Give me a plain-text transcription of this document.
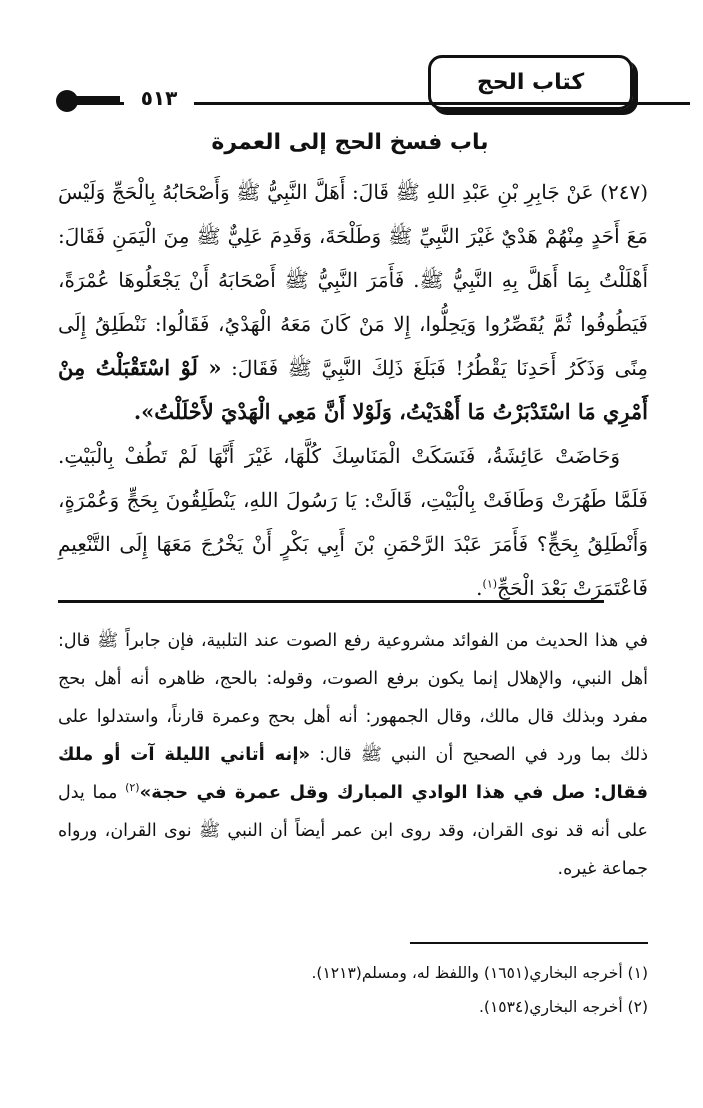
كتاب الحج
٥١٣
باب فسخ الحج إلى العمرة

(٢٤٧) عَنْ جَابِرِ بْنِ عَبْدِ اللهِ ﷺ قَالَ: أَهَلَّ النَّبِيُّ ﷺ وَأَصْحَابُهُ بِالْحَجِّ وَلَيْسَ مَعَ أَحَدٍ مِنْهُمْ هَدْيٌ غَيْرَ النَّبِيِّ ﷺ وَطَلْحَةَ، وَقَدِمَ عَلِيٌّ ﷺ مِنَ الْيَمَنِ فَقَالَ: أَهْلَلْتُ بِمَا أَهَلَّ بِهِ النَّبِيُّ ﷺ. فَأَمَرَ النَّبِيُّ ﷺ أَصْحَابَهُ أَنْ يَجْعَلُوهَا عُمْرَةً، فَيَطُوفُوا ثُمَّ يُقَصِّرُوا وَيَحِلُّوا، إِلا مَنْ كَانَ مَعَهُ الْهَدْيُ، فَقَالُوا: نَنْطَلِقُ إِلَى مِنًى وَذَكَرُ أَحَدِنَا يَقْطُرُ! فَبَلَغَ ذَلِكَ النَّبِيَّ ﷺ فَقَالَ: « لَوْ اسْتَقْبَلْتُ مِنْ أَمْرِي مَا اسْتَدْبَرْتُ مَا أَهْدَيْتُ، وَلَوْلا أَنَّ مَعِي الْهَدْيَ لأَحْلَلْتُ».

وَحَاضَتْ عَائِشَةُ، فَنَسَكَتْ الْمَنَاسِكَ كُلَّهَا، غَيْرَ أَنَّهَا لَمْ تَطُفْ بِالْبَيْتِ. فَلَمَّا طَهُرَتْ وَطَافَتْ بِالْبَيْتِ، قَالَتْ: يَا رَسُولَ اللهِ، يَنْطَلِقُونَ بِحَجٍّ وَعُمْرَةٍ، وَأَنْطَلِقُ بِحَجٍّ؟ فَأَمَرَ عَبْدَ الرَّحْمَنِ بْنَ أَبِي بَكْرٍ أَنْ يَخْرُجَ مَعَهَا إِلَى التَّنْعِيمِ فَاعْتَمَرَتْ بَعْدَ الْحَجِّ$^{(١)}$.

في هذا الحديث من الفوائد مشروعية رفع الصوت عند التلبية، فإن جابراً ﷺ قال: أهل النبي، والإهلال إنما يكون برفع الصوت، وقوله: بالحج، ظاهره أنه أهل بحج مفرد وبذلك قال مالك، وقال الجمهور: أنه أهل بحج وعمرة قارناً، واستدلوا على ذلك بما ورد في الصحيح أن النبي ﷺ قال: «إنه أتاني الليلة آت أو ملك فقال: صل في هذا الوادي المبارك وقل عمرة في حجة»$^{(٢)}$ مما يدل على أنه قد نوى القران، وقد روى ابن عمر أيضاً أن النبي ﷺ نوى القران، ورواه جماعة غيره.

(١) أخرجه البخاري(١٦٥١) واللفظ له، ومسلم(١٢١٣).
(٢) أخرجه البخاري(١٥٣٤).
